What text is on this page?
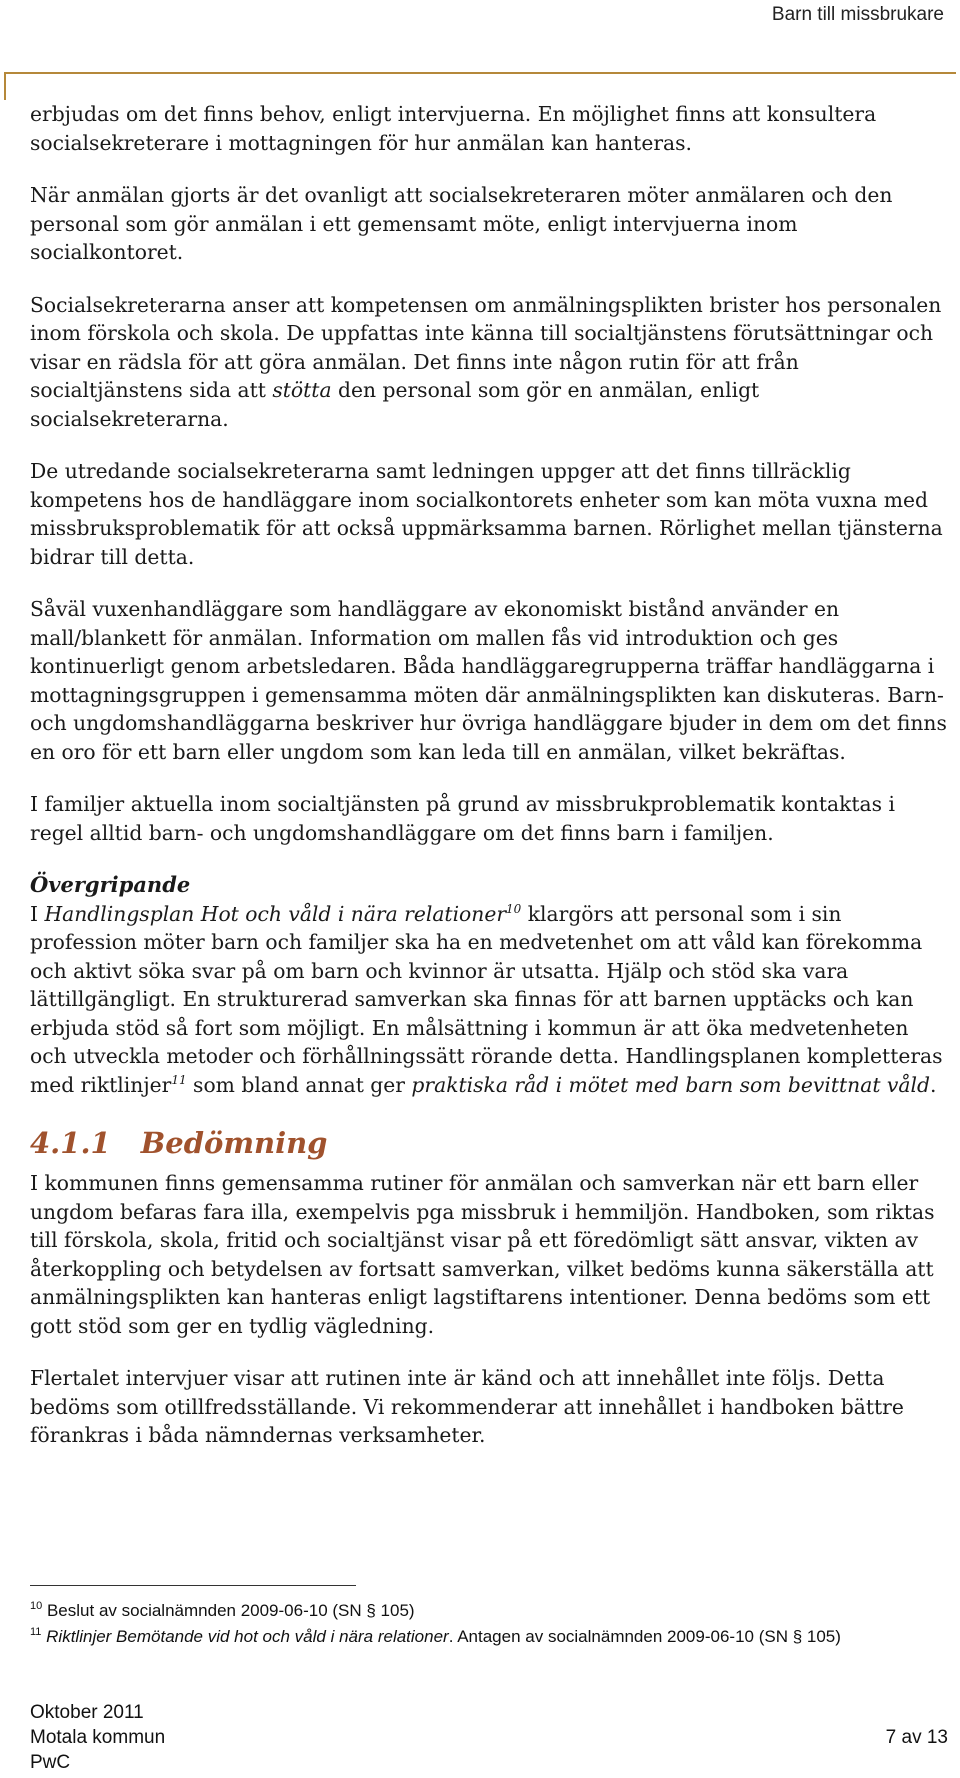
Barn till missbrukare

erbjudas om det finns behov, enligt intervjuerna. En möjlighet finns att konsultera socialsekreterare i mottagningen för hur anmälan kan hanteras.

När anmälan gjorts är det ovanligt att socialsekreteraren möter anmälaren och den personal som gör anmälan i ett gemensamt möte, enligt intervjuerna inom socialkontoret.

Socialsekreterarna anser att kompetensen om anmälningsplikten brister hos personalen inom förskola och skola. De uppfattas inte känna till socialtjänstens förutsättningar och visar en rädsla för att göra anmälan. Det finns inte någon rutin för att från socialtjänstens sida att stötta den personal som gör en anmälan, enligt socialsekreterarna.

De utredande socialsekreterarna samt ledningen uppger att det finns tillräcklig kompetens hos de handläggare inom socialkontorets enheter som kan möta vuxna med missbruksproblematik för att också uppmärksamma barnen. Rörlighet mellan tjänsterna bidrar till detta.

Såväl vuxenhandläggare som handläggare av ekonomiskt bistånd använder en mall/blankett för anmälan. Information om mallen fås vid introduktion och ges kontinuerligt genom arbetsledaren. Båda handläggaregrupperna träffar handläggarna i mottagningsgruppen i gemensamma möten där anmälningsplikten kan diskuteras. Barn- och ungdomshandläggarna beskriver hur övriga handläggare bjuder in dem om det finns en oro för ett barn eller ungdom som kan leda till en anmälan, vilket bekräftas.

I familjer aktuella inom socialtjänsten på grund av missbrukproblematik kontaktas i regel alltid barn- och ungdomshandläggare om det finns barn i familjen.

Övergripande
I Handlingsplan Hot och våld i nära relationer$^{10}$ klargörs att personal som i sin profession möter barn och familjer ska ha en medvetenhet om att våld kan förekomma och aktivt söka svar på om barn och kvinnor är utsatta. Hjälp och stöd ska vara lättillgängligt. En strukturerad samverkan ska finnas för att barnen upptäcks och kan erbjuda stöd så fort som möjligt. En målsättning i kommun är att öka medvetenheten och utveckla metoder och förhållningssätt rörande detta. Handlingsplanen kompletteras med riktlinjer$^{11}$ som bland annat ger praktiska råd i mötet med barn som bevittnat våld.

4.1.1 Bedömning

I kommunen finns gemensamma rutiner för anmälan och samverkan när ett barn eller ungdom befaras fara illa, exempelvis pga missbruk i hemmiljön. Handboken, som riktas till förskola, skola, fritid och socialtjänst visar på ett föredömligt sätt ansvar, vikten av återkoppling och betydelsen av fortsatt samverkan, vilket bedöms kunna säkerställa att anmälningsplikten kan hanteras enligt lagstiftarens intentioner. Denna bedöms som ett gott stöd som ger en tydlig vägledning.

Flertalet intervjuer visar att rutinen inte är känd och att innehållet inte följs. Detta bedöms som otillfredsställande. Vi rekommenderar att innehållet i handboken bättre förankras i båda nämndernas verksamheter.

$^{10}$ Beslut av socialnämnden 2009-06-10 (SN § 105)
$^{11}$ Riktlinjer Bemötande vid hot och våld i nära relationer. Antagen av socialnämnden 2009-06-10 (SN § 105)
Oktober 2011
Motala kommun
PwC
7 av 13
